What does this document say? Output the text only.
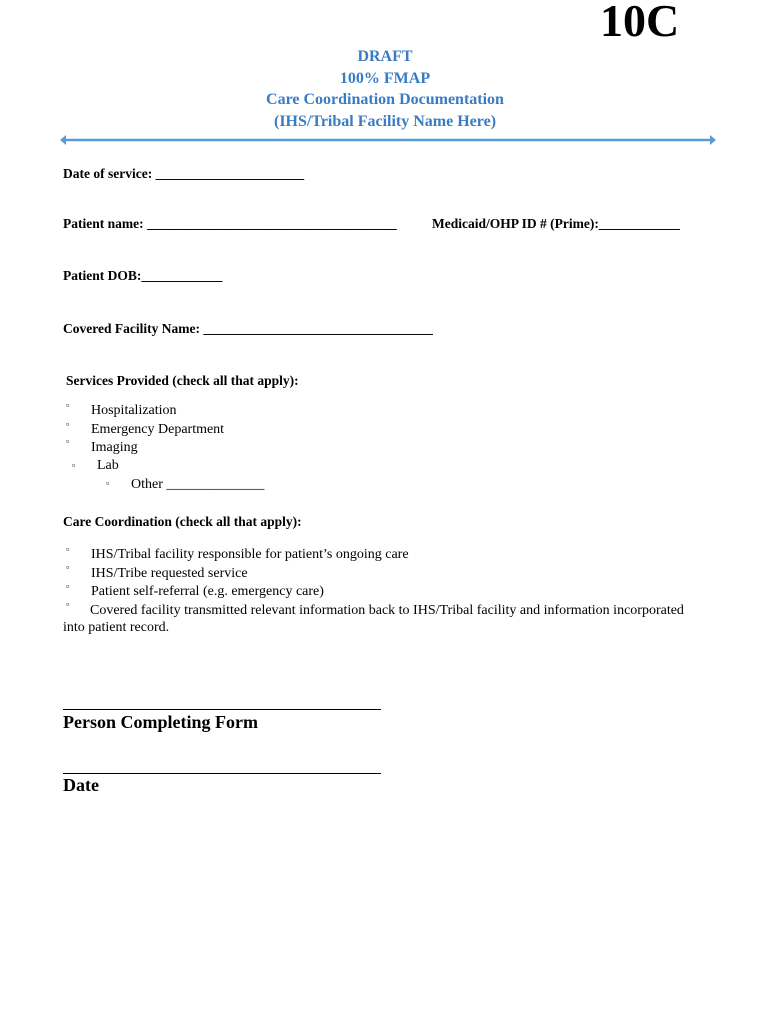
10C
DRAFT
100% FMAP
Care Coordination Documentation
(IHS/Tribal Facility Name Here)
Date of service: ______________________
Patient name: _____________________________________	Medicaid/OHP ID # (Prime):____________
Patient DOB:____________
Covered Facility Name: __________________________________
Services Provided (check all that apply):
▫ Hospitalization
▫ Emergency Department
▫ Imaging
▫ Lab
▫ Other ______________
Care Coordination (check all that apply):
▫ IHS/Tribal facility responsible for patient’s ongoing care
▫ IHS/Tribe requested service
▫ Patient self-referral (e.g. emergency care)
▫ Covered facility transmitted relevant information back to IHS/Tribal facility and information incorporated
into patient record.
Person Completing Form
Date
